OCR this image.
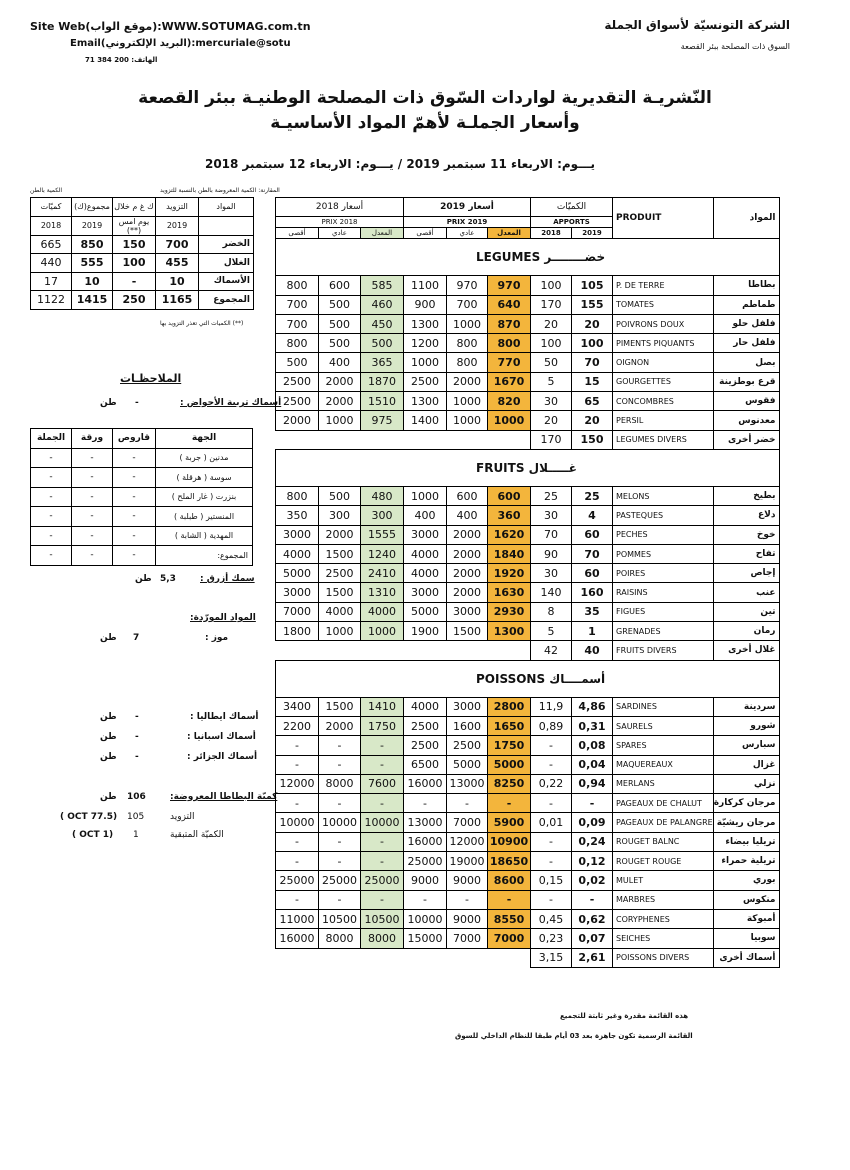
Site Web(موقع الواب):WWW.SOTUMAG.com.tn
Email(البريد الإلكتروني):mercuriale@sotu
الهاتف: 200 384 71
الشركة التونسيّة لأسواق الجملة
السوق ذات المصلحة ببئر القصعة
النّشريـة التقديرية لواردات السّوق ذات المصلحة الوطنيـة ببئر القصعة
وأسعار الجملـة لأهمّ المواد الأساسيـة
يـــوم: الاربعاء 11 سبتمبر 2019 / يـــوم: الاربعاء 12 سبتمبر 2018
الكمية بالطن	المقارنة: الكمية المعروضة بالطن بالنسبة للتزويد
كميّات	مجموع(ك)	ك غ م خلال	التزويد	المواد
2018	2019	يوم امس (**)	2019	
665	850	150	700	الخضر
440	555	100	455	الغلال
17	10	-	10	الأسماك
1122	1415	250	1165	المجموع
(**) الكميات التي تعذر التزويد بها
الملاحظـات
أسماك تربية الأحواض :
-
طن
الجملة	ورقة	قاروص	الجهة
-	-	-	مدنين ( جربة )
-	-	-	سوسة ( هرقلة )
-	-	-	بنزرت ( غار الملح )
-	-	-	المنستير ( طبلبة )
-	-	-	المهدية ( الشابة )
-	-	-	المجموع:
سمك أزرق :
5,3
طن
المواد المورّدة:
موز :
7
طن
أسماك ايطاليا :
-
طن
أسماك اسبانيا :
-
طن
أسماك الجزائر :
-
طن
كميّة البطاطا المعروضة:
106
طن
التزويد
105
( OCT 77.5)
الكميّة المتبقية
1
( OCT 1)
أسعار 2018			أسعار 2019			الكميّات		PRODUIT	المواد
PRIX 2018			PRIX 2019			APPORTS			
أقصى	عادي	المعدل	أقصى	عادي	المعدل	2018	2019		
LEGUMES خضــــــــر									
800	600	585	1100	970	970	100	105	P. DE TERRE	بطاطا
700	500	460	900	700	640	170	155	TOMATES	طماطم
700	500	450	1300	1000	870	20	20	POIVRONS DOUX	فلفل حلو
800	500	500	1200	800	800	100	100	PIMENTS PIQUANTS	فلفل حار
500	400	365	1000	800	770	50	70	OIGNON	بصل
2500	2000	1870	2500	2000	1670	5	15	GOURGETTES	قرع بوطزينة
2500	2000	1510	1300	1000	820	30	65	CONCOMBRES	فقوس
2000	1000	975	1400	1000	1000	20	20	PERSIL	معدنوس
						170	150	LEGUMES DIVERS	خضر أخرى
FRUITS غـــــلال									
800	500	480	1000	600	600	25	25	MELONS	بطيخ
350	300	300	400	400	360	30	4	PASTEQUES	دلاع
3000	2000	1555	3000	2000	1620	70	60	PECHES	خوخ
4000	1500	1240	4000	2000	1840	90	70	POMMES	تفاح
5000	2500	2410	4000	2000	1920	30	60	POIRES	إجاص
3000	1500	1310	3000	2000	1630	140	160	RAISINS	عنب
7000	4000	4000	5000	3000	2930	8	35	FIGUES	تين
1800	1000	1000	1900	1500	1300	5	1	GRENADES	رمان
						42	40	FRUITS DIVERS	غلال أخرى
POISSONS أسمــــاك									
3400	1500	1410	4000	3000	2800	11,9	4,86	SARDINES	سردينة
2200	2000	1750	2500	1600	1650	0,89	0,31	SAURELS	شورو
-	-	-	2500	2500	1750	-	0,08	SPARES	سبارس
-	-	-	6500	5000	5000	-	0,04	MAQUEREAUX	غزال
12000	8000	7600	16000	13000	8250	0,22	0,94	MERLANS	نزلي
-	-	-	-	-	-	-	-	PAGEAUX DE CHALUT	مرجان كركارة
10000	10000	10000	13000	7000	5900	0,01	0,09	PAGEAUX DE PALANGRE	مرجان ريشيّة
-	-	-	16000	12000	10900	-	0,24	ROUGET BALNC	تريليا بيضاء
-	-	-	25000	19000	18650	-	0,12	ROUGET ROUGE	تريلية حمراء
25000	25000	25000	9000	9000	8600	0,15	0,02	MULET	بوري
-	-	-	-	-	-	-	-	MARBRES	منكوس
11000	10500	10500	10000	9000	8550	0,45	0,62	CORYPHENES	أمبوكة
16000	8000	8000	15000	7000	7000	0,23	0,07	SEICHES	سوبيا
						3,15	2,61	POISSONS DIVERS	أسماك أخرى
هذه القائمة مقدرة وغير ثابتة للتجميع
القائمة الرسمية تكون جاهزة بعد 03 أيام طبقا للنظام الداخلي للسوق
